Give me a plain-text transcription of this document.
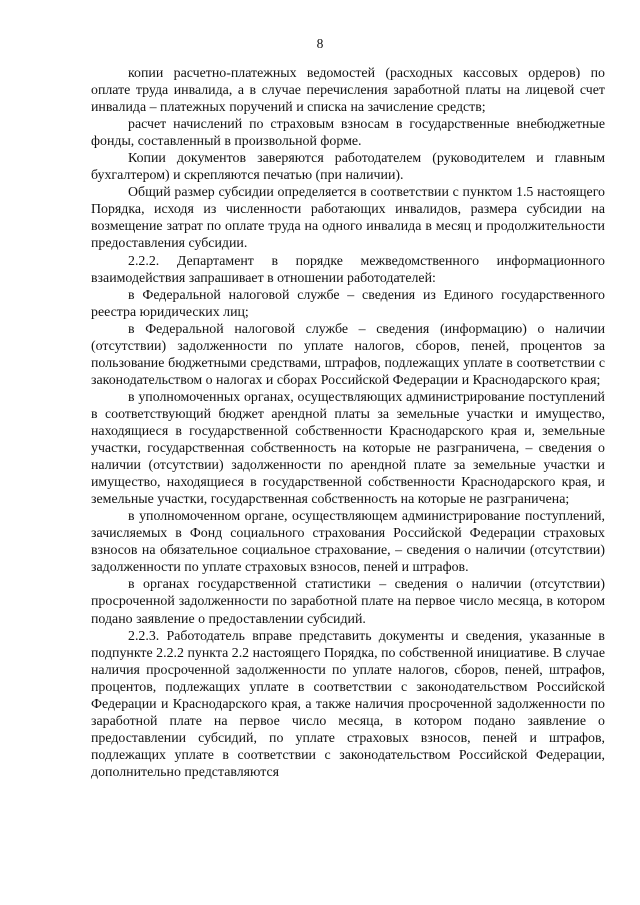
8

копии расчетно-платежных ведомостей (расходных кассовых ордеров) по оплате труда инвалида, а в случае перечисления заработной платы на лицевой счет инвалида – платежных поручений и списка на зачисление средств;

расчет начислений по страховым взносам в государственные внебюджетные фонды, составленный в произвольной форме.

Копии документов заверяются работодателем (руководителем и главным бухгалтером) и скрепляются печатью (при наличии).

Общий размер субсидии определяется в соответствии с пунктом 1.5 настоящего Порядка, исходя из численности работающих инвалидов, размера субсидии на возмещение затрат по оплате труда на одного инвалида в месяц и продолжительности предоставления субсидии.

2.2.2. Департамент в порядке межведомственного информационного взаимодействия запрашивает в отношении работодателей:

в Федеральной налоговой службе – сведения из Единого государственного реестра юридических лиц;

в Федеральной налоговой службе – сведения (информацию) о наличии (отсутствии) задолженности по уплате налогов, сборов, пеней, процентов за пользование бюджетными средствами, штрафов, подлежащих уплате в соответствии с законодательством о налогах и сборах Российской Федерации и Краснодарского края;

в уполномоченных органах, осуществляющих администрирование поступлений в соответствующий бюджет арендной платы за земельные участки и имущество, находящиеся в государственной собственности Краснодарского края и, земельные участки, государственная собственность на которые не разграничена, – сведения о наличии (отсутствии) задолженности по арендной плате за земельные участки и имущество, находящиеся в государственной собственности Краснодарского края, и земельные участки, государственная собственность на которые не разграничена;

в уполномоченном органе, осуществляющем администрирование поступлений, зачисляемых в Фонд социального страхования Российской Федерации страховых взносов на обязательное социальное страхование, – сведения о наличии (отсутствии) задолженности по уплате страховых взносов, пеней и штрафов.

в органах государственной статистики – сведения о наличии (отсутствии) просроченной задолженности по заработной плате на первое число месяца, в котором подано заявление о предоставлении субсидий.

2.2.3. Работодатель вправе представить документы и сведения, указанные в подпункте 2.2.2 пункта 2.2 настоящего Порядка, по собственной инициативе. В случае наличия просроченной задолженности по уплате налогов, сборов, пеней, штрафов, процентов, подлежащих уплате в соответствии с законодательством Российской Федерации и Краснодарского края, а также наличия просроченной задолженности по заработной плате на первое число месяца, в котором подано заявление о предоставлении субсидий, по уплате страховых взносов, пеней и штрафов, подлежащих уплате в соответствии с законодательством Российской Федерации, дополнительно представляются
